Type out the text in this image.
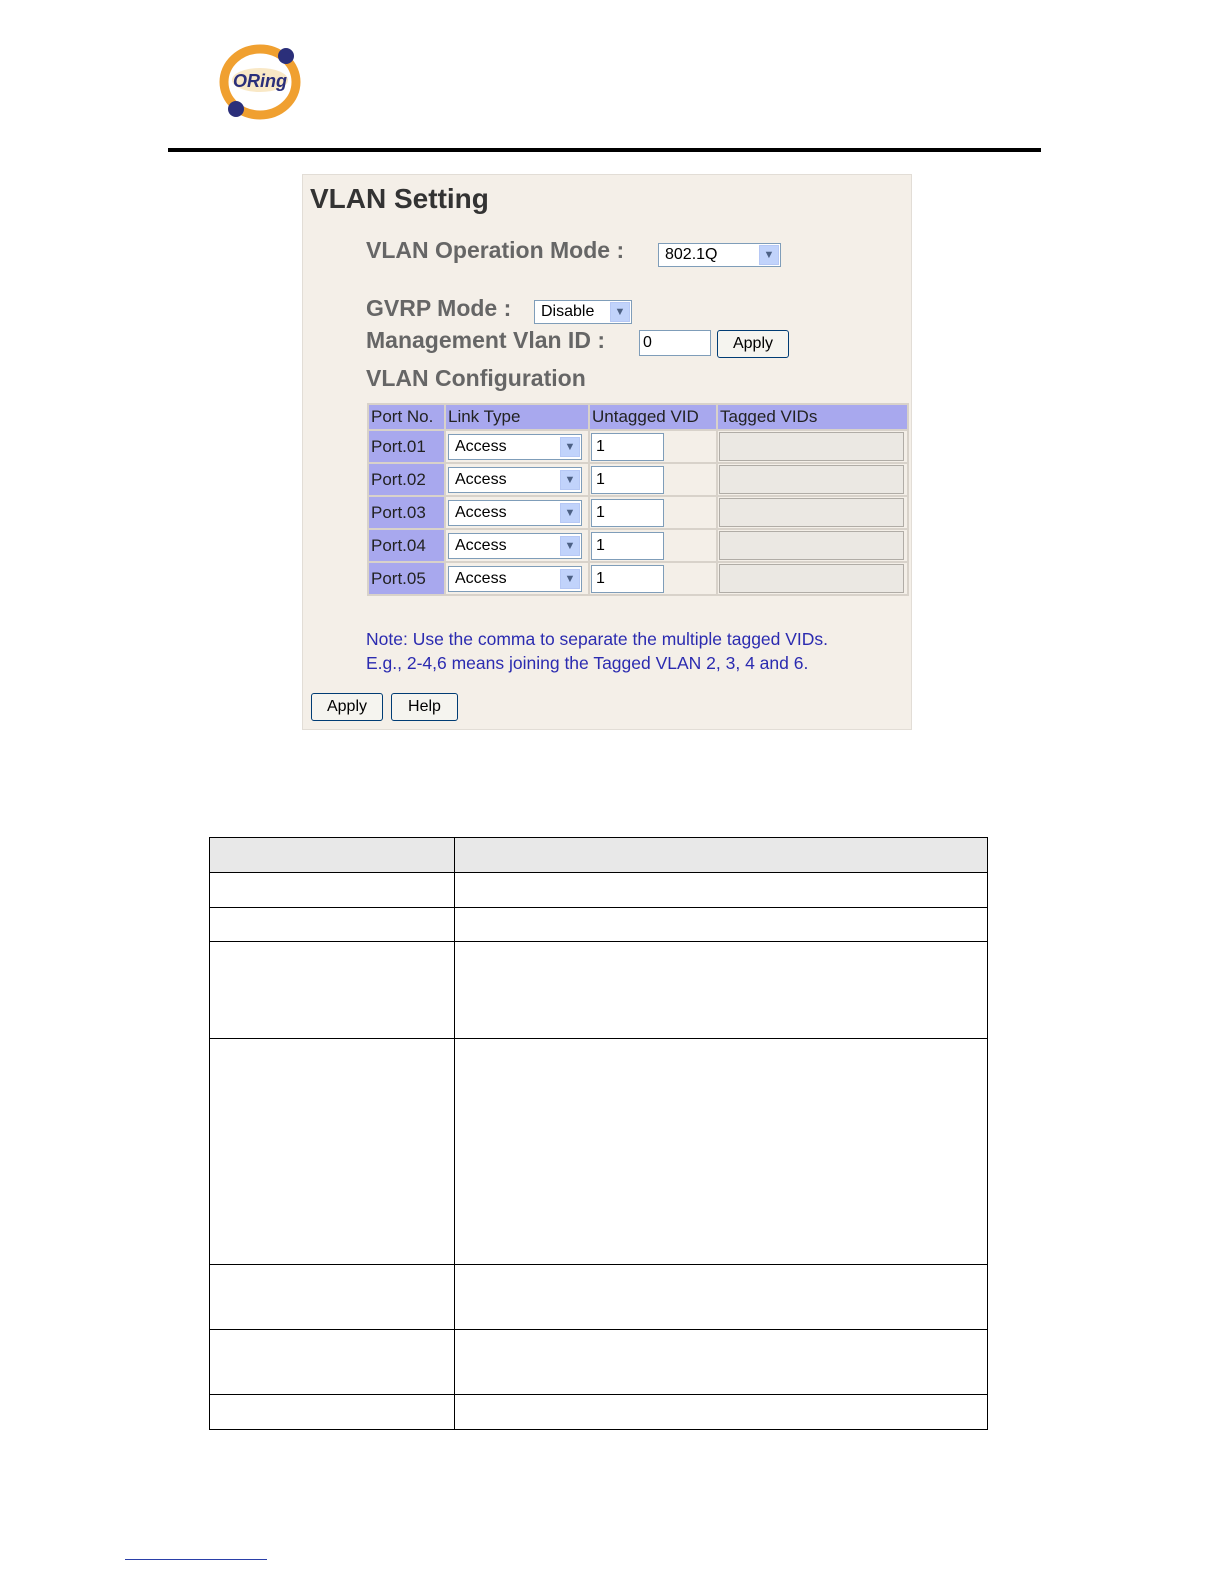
ORing
VLAN Setting
VLAN Operation Mode :	802.1Q	▼
GVRP Mode :	Disable	▼
Management Vlan ID : 0	Apply
VLAN Configuration
Port No.	Link Type	Untagged VID	Tagged VIDs
Port.01	Access ▼	1	

Port.02	Access ▼	1	

Port.03	Access ▼	1	

Port.04	Access ▼	1	

Port.05	Access ▼	1	

Note: Use the comma to separate the multiple tagged VIDs.
E.g., 2-4,6 means joining the Tagged VLAN 2, 3, 4 and 6.
Apply	Help
